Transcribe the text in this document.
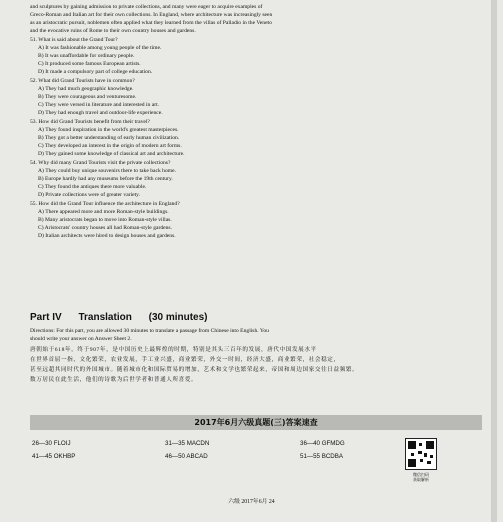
and sculptures by gaining admission to private collections, and many were eager to acquire examples of
Greco-Roman and Italian art for their own collections. In England, where architecture was increasingly seen
as an aristocratic pursuit, noblemen often applied what they learned from the villas of Palladio in the Veneto
and the evocative ruins of Rome to their own country houses and gardens.
51. What is said about the Grand Tour?
A) It was fashionable among young people of the time.
B) It was unaffordable for ordinary people.
C) It produced some famous European artists.
D) It made a compulsory part of college education.
52. What did Grand Tourists have in common?
A) They had much geographic knowledge.
B) They were courageous and venturesome.
C) They were versed in literature and interested in art.
D) They had enough travel and outdoor-life experience.
53. How did Grand Tourists benefit from their travel?
A) They found inspiration in the world's greatest masterpieces.
B) They got a better understanding of early human civilization.
C) They developed an interest in the origin of modern art forms.
D) They gained some knowledge of classical art and architecture.
54. Why did many Grand Tourists visit the private collections?
A) They could buy unique souvenirs there to take back home.
B) Europe hardly had any museums before the 19th century.
C) They found the antiques there more valuable.
D) Private collections were of greater variety.
55. How did the Grand Tour influence the architecture in England?
A) There appeared more and more Roman-style buildings.
B) Many aristocrats began to move into Roman-style villas.
C) Aristocrats' country houses all had Roman-style gardens.
D) Italian architects were hired to design houses and gardens.
Part IV Translation (30 minutes)
Directions: For this part, you are allowed 30 minutes to translate a passage from Chinese into English. You
should write your answer on Answer Sheet 2.
唐朝始于618年，终于907年，是中国历史上最辉煌的时期，特别是其头三百年的发展，唐代中国发展水平
在世界首屈一指，文化繁荣，农业发展，手工业兴盛，商业繁荣，外交一时间，经济大盛，商业繁荣，社会稳定，
甚至远超其同时代的外国城市。随着城市化和国际贸易的增加，艺术和文学也繁荣起来，帝国和周边国家交往日益频繁。
数万居民在此生活，他们的诗歌为后世学者和普通人所喜爱。
2017年6月六级真题(三)答案速查
26—30 FLOIJ	31—35 MACDN	36—40 GFMDG
41—45 OKHBP	46—50 ABCAD	51—55 BCDBA
微信扫码
获取解析
六级 2017年6月 24
